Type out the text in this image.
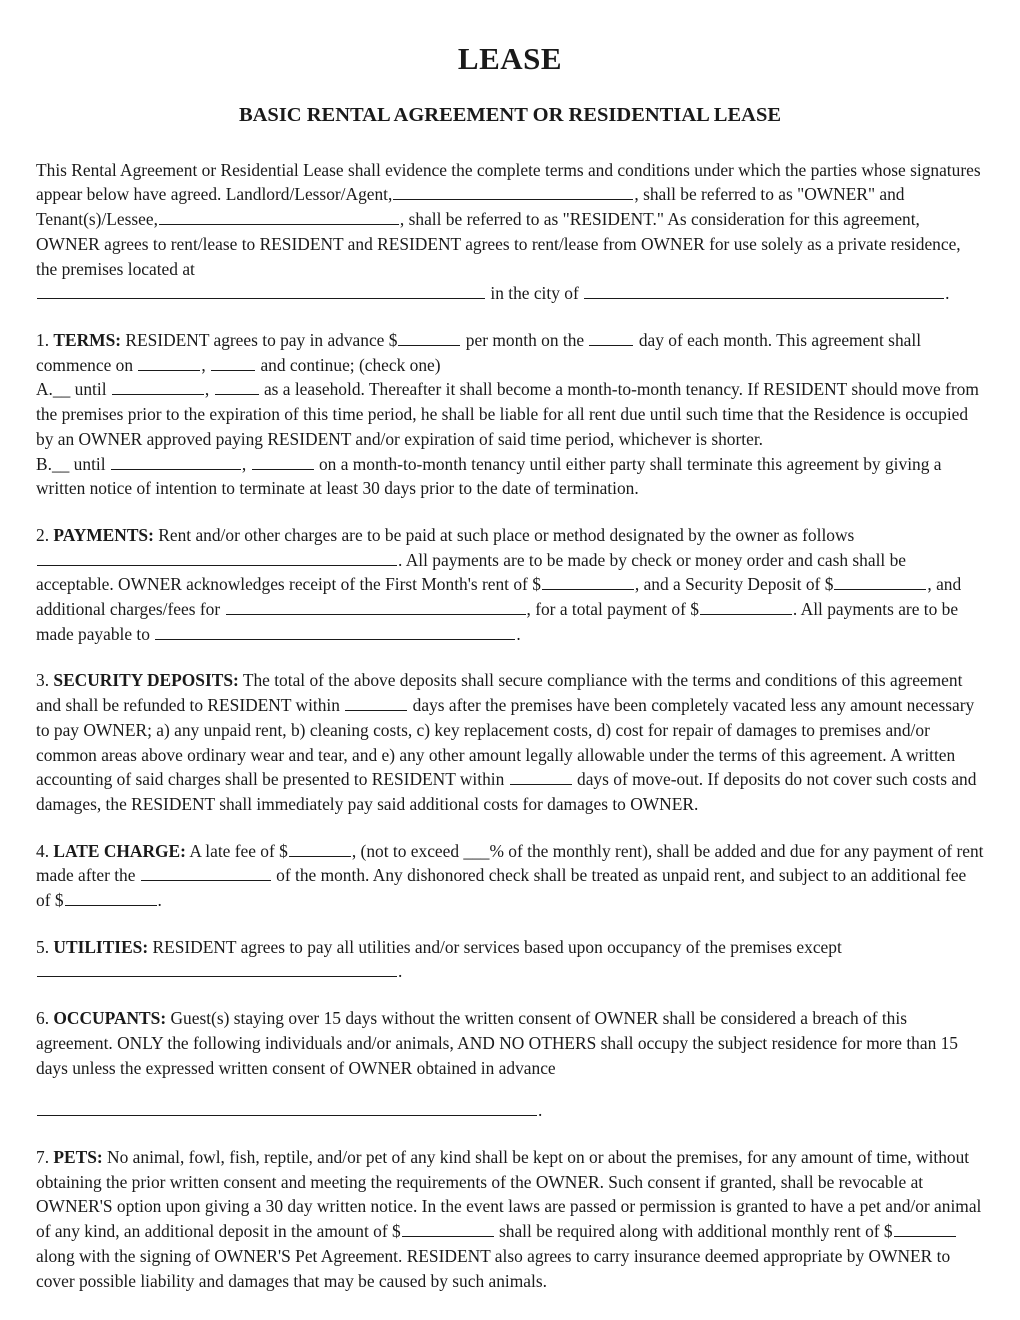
LEASE
BASIC RENTAL AGREEMENT OR RESIDENTIAL LEASE

This Rental Agreement or Residential Lease shall evidence the complete terms and conditions under which the parties whose signatures appear below have agreed. Landlord/Lessor/Agent,	, shall be referred to as "OWNER" and Tenant(s)/Lessee,	, shall be referred to as "RESIDENT." As consideration for this agreement, OWNER agrees to rent/lease to RESIDENT and RESIDENT agrees to rent/lease from OWNER for use solely as a private residence, the premises located at

in the city of	.

1. TERMS: RESIDENT agrees to pay in advance $	per month on the	day of each month. This agreement shall commence on	,	and continue; (check one)

A.__ until	,	as a leasehold. Thereafter it shall become a month-to-month tenancy. If RESIDENT should move from the premises prior to the expiration of this time period, he shall be liable for all rent due until such time that the Residence is occupied by an OWNER approved paying RESIDENT and/or expiration of said time period, whichever is shorter.

B.__ until	,	on a month-to-month tenancy until either party shall terminate this agreement by giving a written notice of intention to terminate at least 30 days prior to the date of termination.

2. PAYMENTS: Rent and/or other charges are to be paid at such place or method designated by the owner as follows

. All payments are to be made by check or money order and cash shall be acceptable. OWNER acknowledges receipt of the First Month's rent of $	, and a Security Deposit of $	, and additional charges/fees for	, for a total payment of $	. All payments are to be made payable to	.

3. SECURITY DEPOSITS: The total of the above deposits shall secure compliance with the terms and conditions of this agreement and shall be refunded to RESIDENT within	days after the premises have been completely vacated less any amount necessary to pay OWNER; a) any unpaid rent, b) cleaning costs, c) key replacement costs, d) cost for repair of damages to premises and/or common areas above ordinary wear and tear, and e) any other amount legally allowable under the terms of this agreement. A written accounting of said charges shall be presented to RESIDENT within	days of move-out. If deposits do not cover such costs and damages, the RESIDENT shall immediately pay said additional costs for damages to OWNER.

4. LATE CHARGE: A late fee of $	, (not to exceed ___% of the monthly rent), shall be added and due for any payment of rent made after the	of the month. Any dishonored check shall be treated as unpaid rent, and subject to an additional fee of $	.

5. UTILITIES: RESIDENT agrees to pay all utilities and/or services based upon occupancy of the premises except

.

6. OCCUPANTS: Guest(s) staying over 15 days without the written consent of OWNER shall be considered a breach of this agreement. ONLY the following individuals and/or animals, AND NO OTHERS shall occupy the subject residence for more than 15 days unless the expressed written consent of OWNER obtained in advance

.

7. PETS: No animal, fowl, fish, reptile, and/or pet of any kind shall be kept on or about the premises, for any amount of time, without obtaining the prior written consent and meeting the requirements of the OWNER. Such consent if granted, shall be revocable at OWNER'S option upon giving a 30 day written notice. In the event laws are passed or permission is granted to have a pet and/or animal of any kind, an additional deposit in the amount of $	shall be required along with additional monthly rent of $ along with the signing of OWNER'S Pet Agreement. RESIDENT also agrees to carry insurance deemed appropriate by OWNER to cover possible liability and damages that may be caused by such animals.
